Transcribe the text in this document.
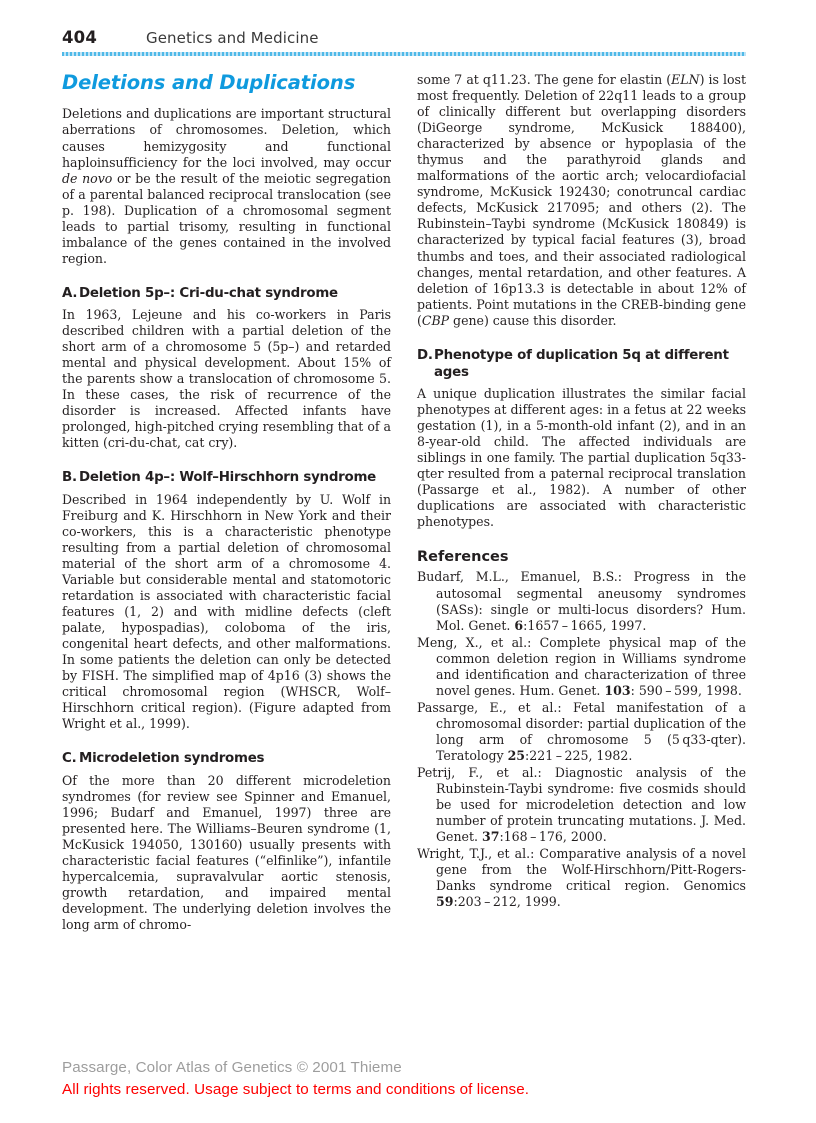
404	Genetics and Medicine
Deletions and Duplications

Deletions and duplications are important structural aberrations of chromosomes. Deletion, which causes hemizygosity and functional haploinsufficiency for the loci involved, may occur de novo or be the result of the meiotic segregation of a parental balanced reciprocal translocation (see p. 198). Duplication of a chromosomal segment leads to partial trisomy, resulting in functional imbalance of the genes contained in the involved region.

A. Deletion 5p–: Cri-du-chat syndrome

In 1963, Lejeune and his co-workers in Paris described children with a partial deletion of the short arm of a chromosome 5 (5p–) and retarded mental and physical development. About 15% of the parents show a translocation of chromosome 5. In these cases, the risk of recurrence of the disorder is increased. Affected infants have prolonged, high-pitched crying resembling that of a kitten (cri-du-chat, cat cry).

B. Deletion 4p–: Wolf–Hirschhorn syndrome

Described in 1964 independently by U. Wolf in Freiburg and K. Hirschhorn in New York and their co-workers, this is a characteristic phenotype resulting from a partial deletion of chromosomal material of the short arm of a chromosome 4. Variable but considerable mental and statomotoric retardation is associated with characteristic facial features (1, 2) and with midline defects (cleft palate, hypospadias), coloboma of the iris, congenital heart defects, and other malformations. In some patients the deletion can only be detected by FISH. The simplified map of 4p16 (3) shows the critical chromosomal region (WHSCR, Wolf–Hirschhorn critical region). (Figure adapted from Wright et al., 1999).

C. Microdeletion syndromes

Of the more than 20 different microdeletion syndromes (for review see Spinner and Emanuel, 1996; Budarf and Emanuel, 1997) three are presented here. The Williams–Beuren syndrome (1, McKusick 194050, 130160) usually presents with characteristic facial features (“elfinlike”), infantile hypercalcemia, supravalvular aortic stenosis, growth retardation, and impaired mental development. The underlying deletion involves the long arm of chromo-

some 7 at q11.23. The gene for elastin (ELN) is lost most frequently. Deletion of 22q11 leads to a group of clinically different but overlapping disorders (DiGeorge syndrome, McKusick 188400), characterized by absence or hypoplasia of the thymus and the parathyroid glands and malformations of the aortic arch; velocardiofacial syndrome, McKusick 192430; conotruncal cardiac defects, McKusick 217095; and others (2). The Rubinstein–Taybi syndrome (McKusick 180849) is characterized by typical facial features (3), broad thumbs and toes, and their associated radiological changes, mental retardation, and other features. A deletion of 16p13.3 is detectable in about 12% of patients. Point mutations in the CREB-binding gene (CBP gene) cause this disorder.

D.Phenotype of duplication 5q at different ages

A unique duplication illustrates the similar facial phenotypes at different ages: in a fetus at 22 weeks gestation (1), in a 5-month-old infant (2), and in an 8-year-old child. The affected individuals are siblings in one family. The partial duplication 5q33-qter resulted from a paternal reciprocal translation (Passarge et al., 1982). A number of other duplications are associated with characteristic phenotypes.

References

Budarf, M.L., Emanuel, B.S.: Progress in the autosomal segmental aneusomy syndromes (SASs): single or multi-locus disorders? Hum. Mol. Genet. 6:1657 – 1665, 1997.

Meng, X., et al.: Complete physical map of the common deletion region in Williams syndrome and identification and characterization of three novel genes. Hum. Genet. 103: 590 – 599, 1998.

Passarge, E., et al.: Fetal manifestation of a chromosomal disorder: partial duplication of the long arm of chromosome 5 (5 q33-qter). Teratology 25:221 – 225, 1982.

Petrij, F., et al.: Diagnostic analysis of the Rubinstein-Taybi syndrome: five cosmids should be used for microdeletion detection and low number of protein truncating mutations. J. Med. Genet. 37:168 – 176, 2000.

Wright, T.J., et al.: Comparative analysis of a novel gene from the Wolf-Hirschhorn/Pitt-Rogers-Danks syndrome critical region. Genomics 59:203 – 212, 1999.

Passarge, Color Atlas of Genetics © 2001 Thieme
All rights reserved. Usage subject to terms and conditions of license.
